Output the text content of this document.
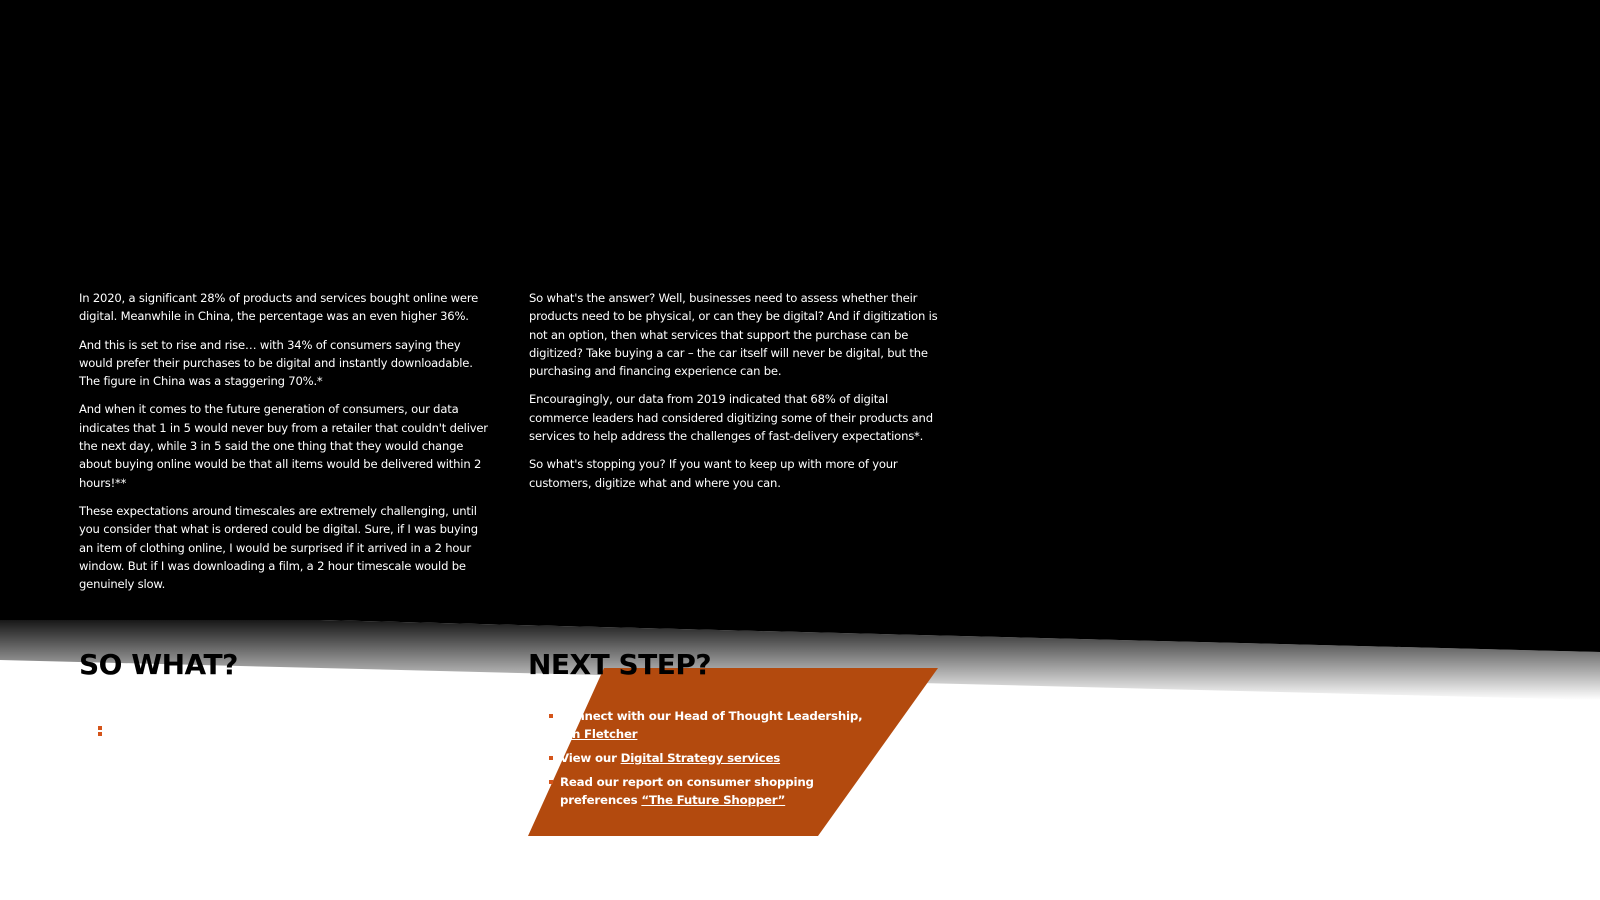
In 2020, a significant 28% of products and services bought online were digital. Meanwhile in China, the percentage was an even higher 36%.

And this is set to rise and rise… with 34% of consumers saying they would prefer their purchases to be digital and instantly downloadable. The figure in China was a staggering 70%.*

And when it comes to the future generation of consumers, our data indicates that 1 in 5 would never buy from a retailer that couldn't deliver the next day, while 3 in 5 said the one thing that they would change about buying online would be that all items would be delivered within 2 hours!**

These expectations around timescales are extremely challenging, until you consider that what is ordered could be digital. Sure, if I was buying an item of clothing online, I would be surprised if it arrived in a 2 hour window. But if I was downloading a film, a 2 hour timescale would be genuinely slow.

So what's the answer? Well, businesses need to assess whether their products need to be physical, or can they be digital? And if digitization is not an option, then what services that support the purchase can be digitized? Take buying a car – the car itself will never be digital, but the purchasing and financing experience can be.

Encouragingly, our data from 2019 indicated that 68% of digital commerce leaders had considered digitizing some of their products and services to help address the challenges of fast-delivery expectations*.

So what's stopping you? If you want to keep up with more of your customers, digitize what and where you can.

SO WHAT?	NEXT STEP?
Connect with our Head of Thought Leadership, Ian Fletcher
View our Digital Strategy services
Read our report on consumer shopping preferences “The Future Shopper”
